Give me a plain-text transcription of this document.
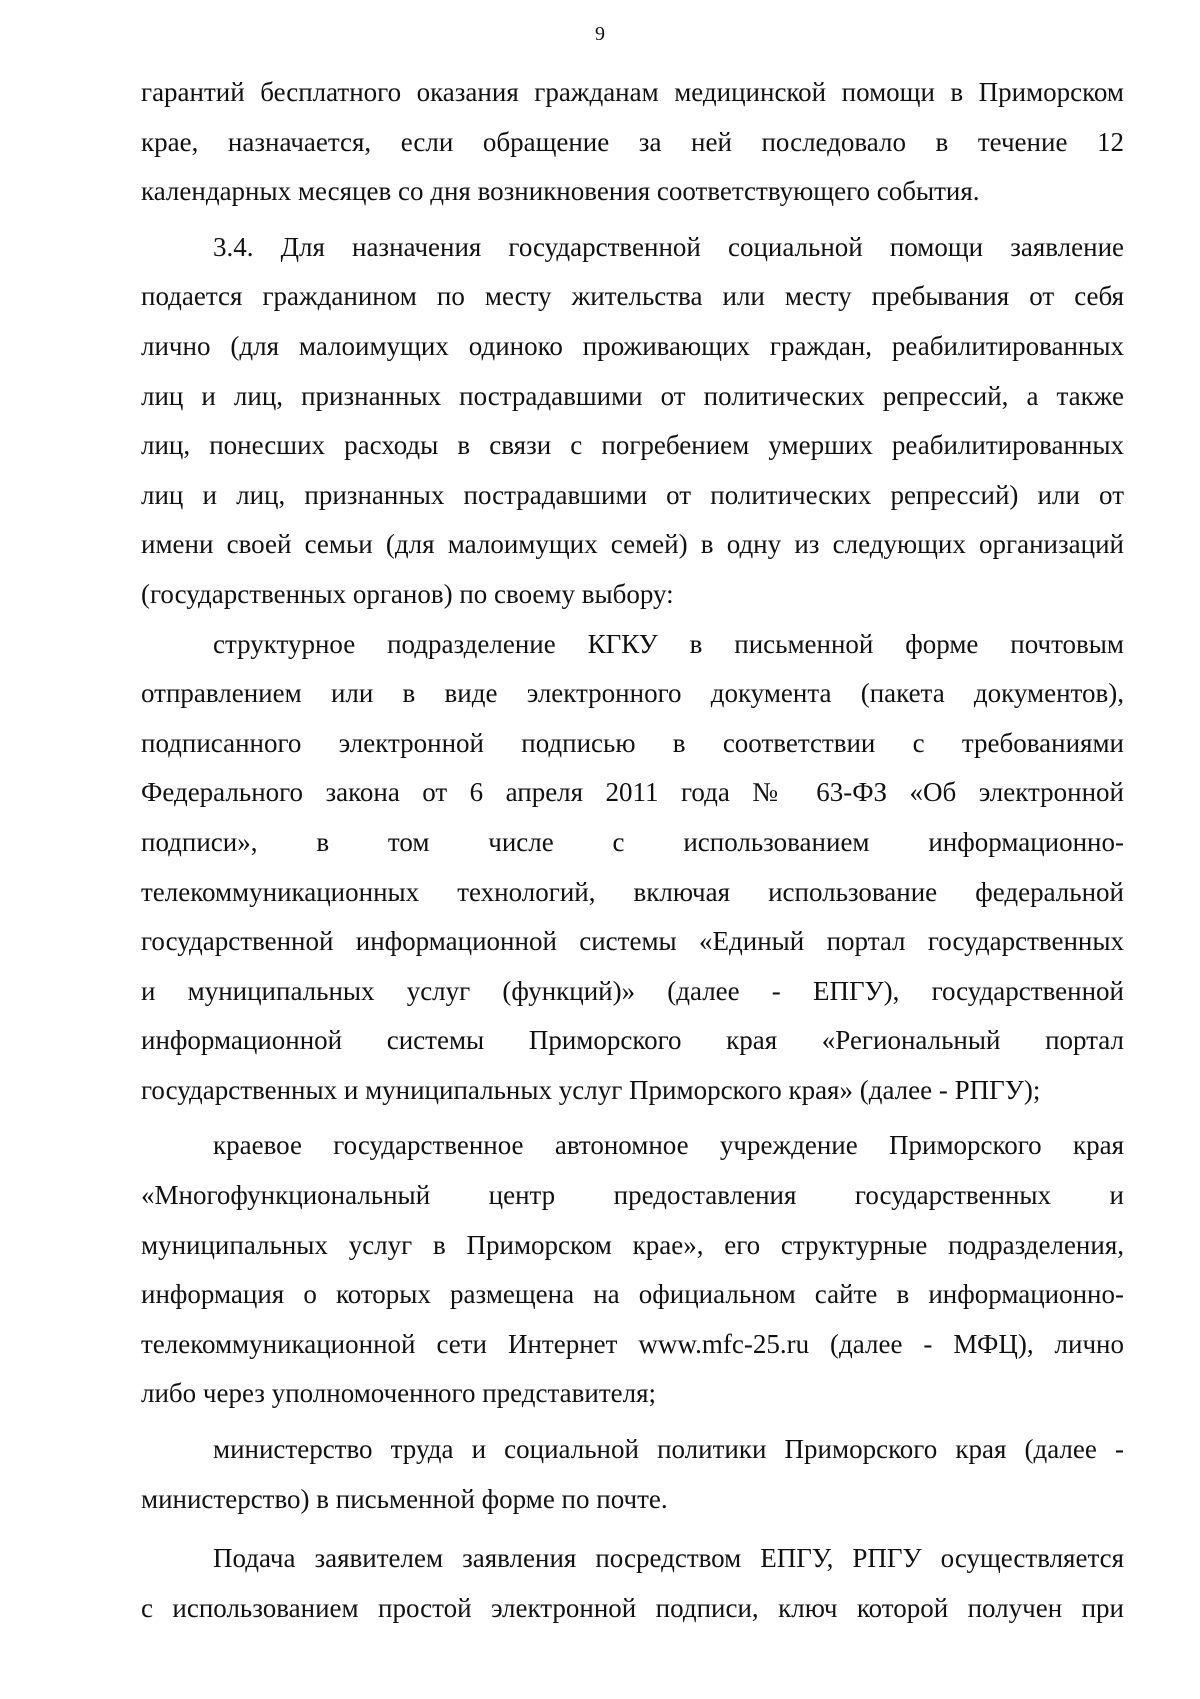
9

гарантий бесплатного оказания гражданам медицинской помощи в Приморском
крае, назначается, если обращение за ней последовало в течение 12
календарных месяцев со дня возникновения соответствующего события.

3.4. Для назначения государственной социальной помощи заявление
подается гражданином по месту жительства или месту пребывания от себя
лично (для малоимущих одиноко проживающих граждан, реабилитированных
лиц и лиц, признанных пострадавшими от политических репрессий, а также
лиц, понесших расходы в связи с погребением умерших реабилитированных
лиц и лиц, признанных пострадавшими от политических репрессий) или от
имени своей семьи (для малоимущих семей) в одну из следующих организаций
(государственных органов) по своему выбору:

структурное подразделение КГКУ в письменной форме почтовым
отправлением или в виде электронного документа (пакета документов),
подписанного электронной подписью в соответствии с требованиями
Федерального закона от 6 апреля 2011 года № 63-ФЗ «Об электронной
подписи», в том числе с использованием информационно-
телекоммуникационных технологий, включая использование федеральной
государственной информационной системы «Единый портал государственных
и муниципальных услуг (функций)» (далее - ЕПГУ), государственной
информационной системы Приморского края «Региональный портал
государственных и муниципальных услуг Приморского края» (далее - РПГУ);

краевое государственное автономное учреждение Приморского края
«Многофункциональный центр предоставления государственных и
муниципальных услуг в Приморском крае», его структурные подразделения,
информация о которых размещена на официальном сайте в информационно-
телекоммуникационной сети Интернет www.mfc-25.ru (далее - МФЦ), лично
либо через уполномоченного представителя;

министерство труда и социальной политики Приморского края (далее -
министерство) в письменной форме по почте.

Подача заявителем заявления посредством ЕПГУ, РПГУ осуществляется
с использованием простой электронной подписи, ключ которой получен при
